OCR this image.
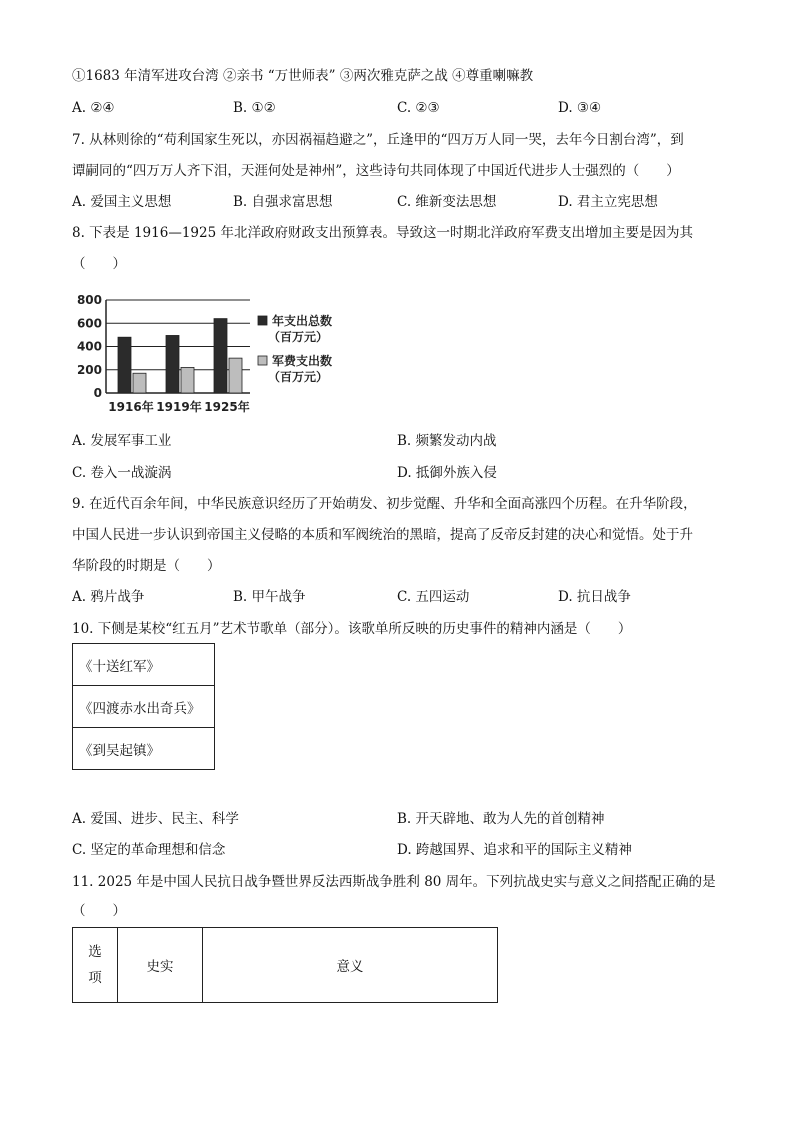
①1683 年清军进攻台湾 ②亲书 “万世师表” ③两次雅克萨之战 ④尊重喇嘛教
A. ②④	B. ①②	C. ②③	D. ③④
7. 从林则徐的“苟利国家生死以，亦因祸福趋避之”，丘逢甲的“四万万人同一哭，去年今日割台湾”，到
谭嗣同的“四万万人齐下泪，天涯何处是神州”，这些诗句共同体现了中国近代进步人士强烈的（　　）
A. 爱国主义思想	B. 自强求富思想	C. 维新变法思想	D. 君主立宪思想
8. 下表是 1916—1925 年北洋政府财政支出预算表。导致这一时期北洋政府军费支出增加主要是因为其
（　　）
800
600
400
200
0
1916年 1919年 1925年
年支出总数
（百万元）
军费支出数
（百万元）
A. 发展军事工业	B. 频繁发动内战
C. 卷入一战漩涡	D. 抵御外族入侵
9. 在近代百余年间，中华民族意识经历了开始萌发、初步觉醒、升华和全面高涨四个历程。在升华阶段，
中国人民进一步认识到帝国主义侵略的本质和军阀统治的黑暗，提高了反帝反封建的决心和觉悟。处于升
华阶段的时期是（　　）
A. 鸦片战争	B. 甲午战争	C. 五四运动	D. 抗日战争
10. 下侧是某校“红五月”艺术节歌单（部分）。该歌单所反映的历史事件的精神内涵是（　　）
《十送红军》
《四渡赤水出奇兵》
《到吴起镇》
A. 爱国、进步、民主、科学	B. 开天辟地、敢为人先的首创精神
C. 坚定的革命理想和信念	D. 跨越国界、追求和平的国际主义精神
11. 2025 年是中国人民抗日战争暨世界反法西斯战争胜利 80 周年。下列抗战史实与意义之间搭配正确的是
（　　）
选
项	史实	意义
